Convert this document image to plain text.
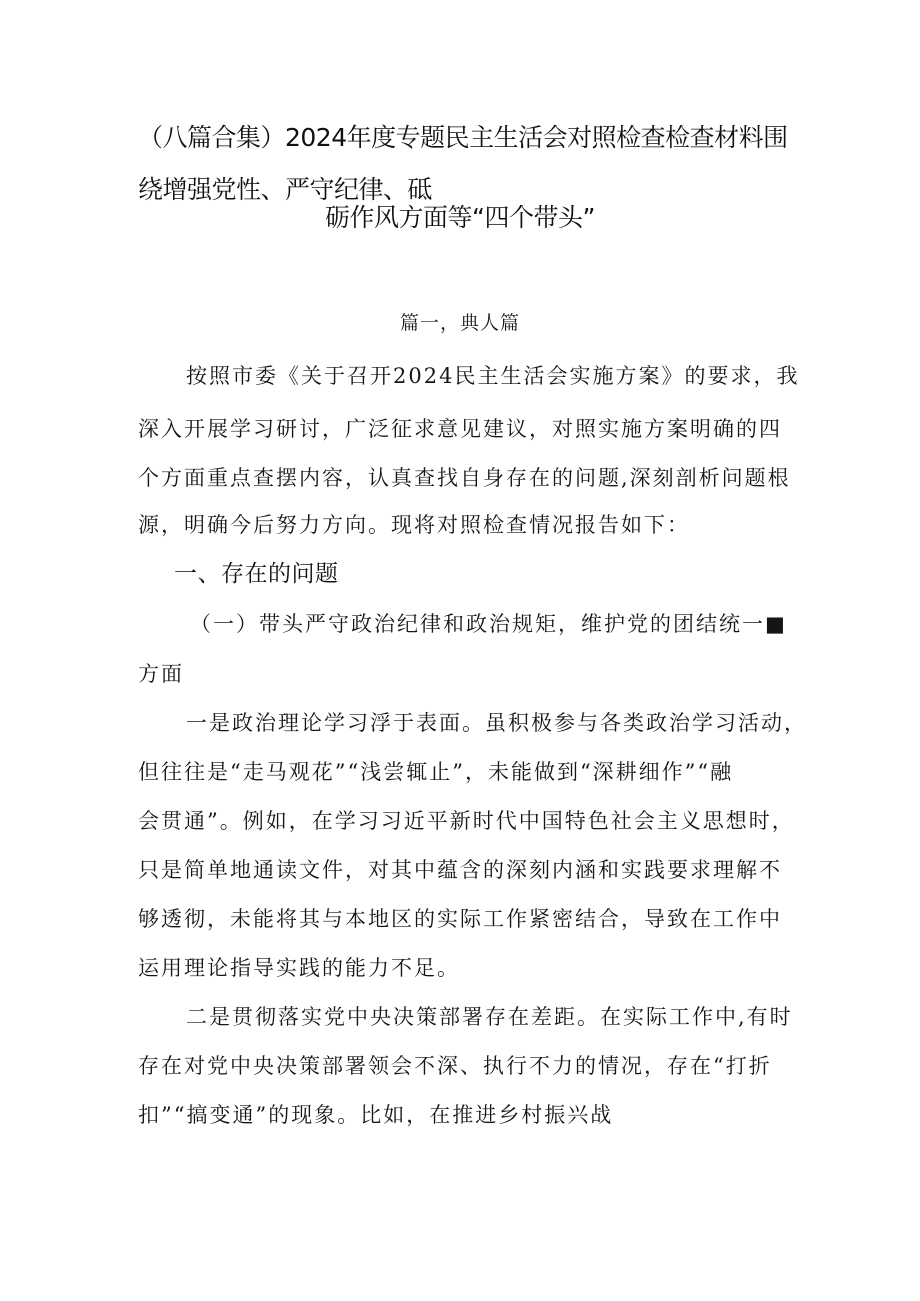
（八篇合集）2024年度专题民主生活会对照检查检查材料围
绕增强党性、严守纪律、砥
砺作风方面等“四个带头”
篇一，典人篇
按照市委《关于召开2024民主生活会实施方案》的要求，我
深入开展学习研讨，广泛征求意见建议，对照实施方案明确的四
个方面重点查摆内容，认真查找自身存在的问题,深刻剖析问题根
源，明确今后努力方向。现将对照检查情况报告如下：
一、存在的问题
（一）带头严守政治纪律和政治规矩，维护党的团结统一■
方面
一是政治理论学习浮于表面。虽积极参与各类政治学习活动，
但往往是“走马观花”“浅尝辄止”，未能做到“深耕细作”“融
会贯通”。例如，在学习习近平新时代中国特色社会主义思想时，
只是简单地通读文件，对其中蕴含的深刻内涵和实践要求理解不
够透彻，未能将其与本地区的实际工作紧密结合，导致在工作中
运用理论指导实践的能力不足。
二是贯彻落实党中央决策部署存在差距。在实际工作中,有时
存在对党中央决策部署领会不深、执行不力的情况，存在“打折
扣”“搞变通”的现象。比如，在推进乡村振兴战
